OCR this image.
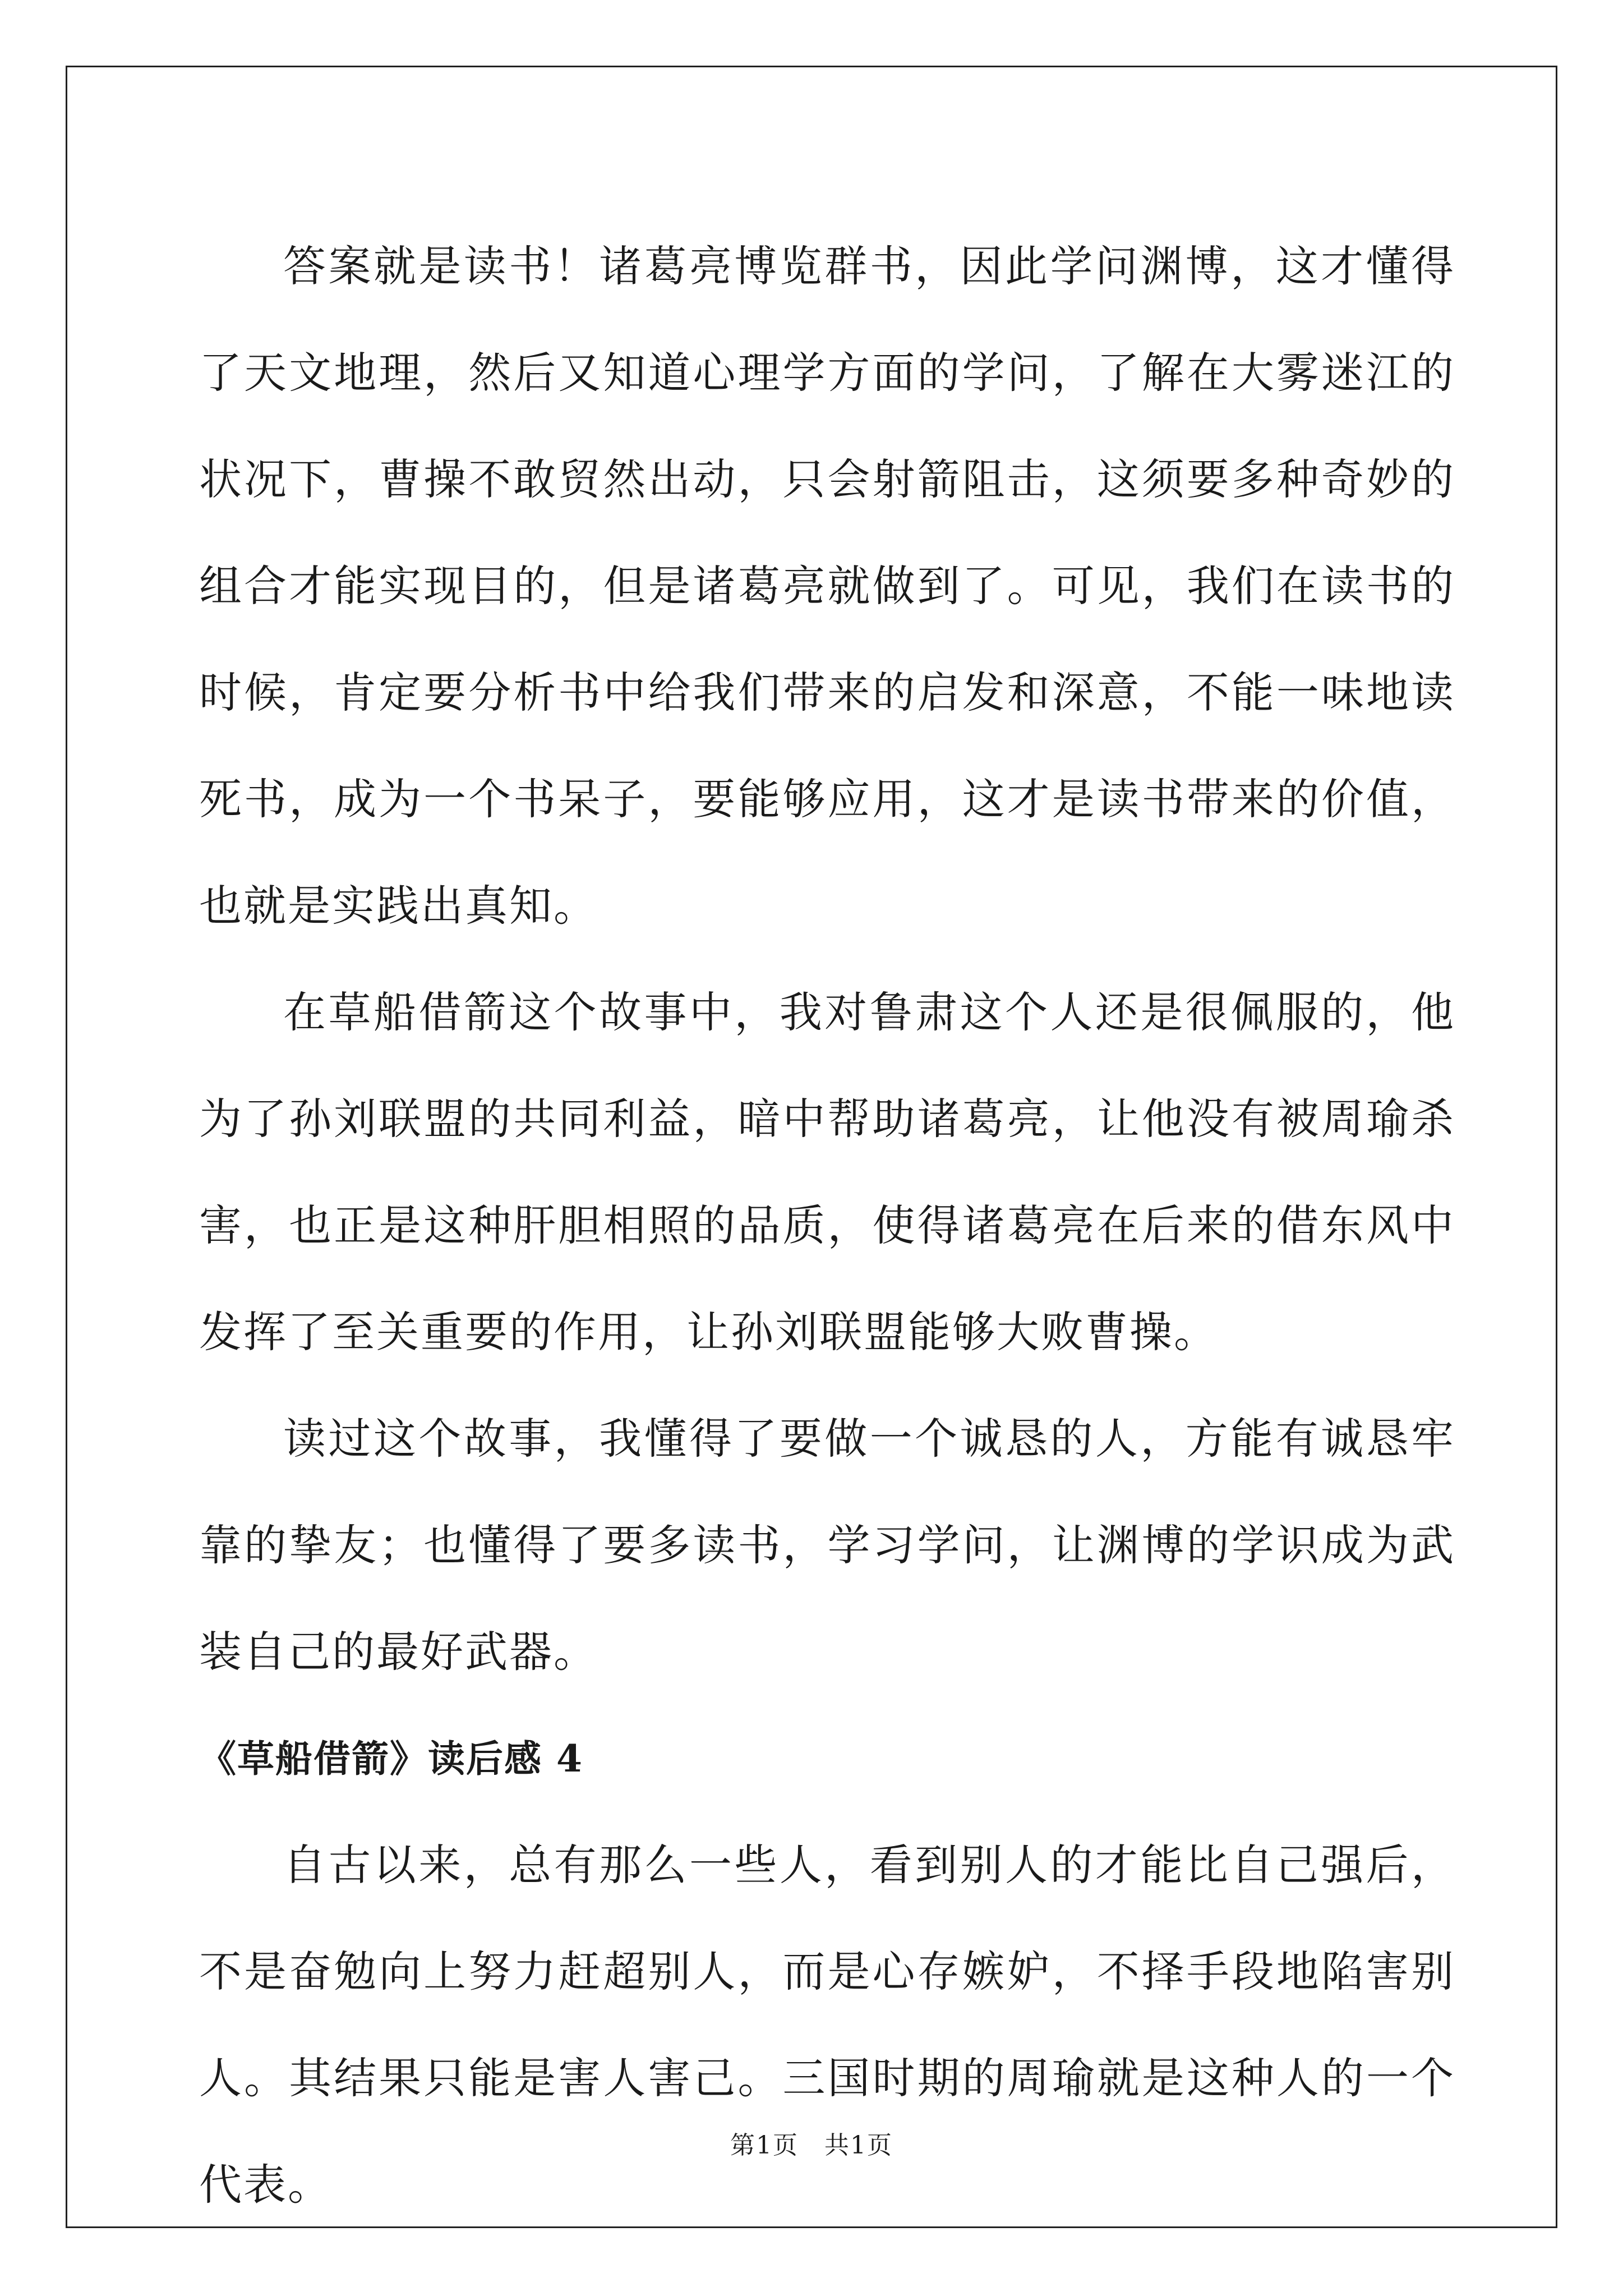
答案就是读书！诸葛亮博览群书，因此学问渊博，这才懂得了天文地理，然后又知道心理学方面的学问，了解在大雾迷江的状况下，曹操不敢贸然出动，只会射箭阻击，这须要多种奇妙的组合才能实现目的，但是诸葛亮就做到了。可见，我们在读书的时候，肯定要分析书中给我们带来的启发和深意，不能一味地读死书，成为一个书呆子，要能够应用，这才是读书带来的价值，也就是实践出真知。

在草船借箭这个故事中，我对鲁肃这个人还是很佩服的，他为了孙刘联盟的共同利益，暗中帮助诸葛亮，让他没有被周瑜杀害，也正是这种肝胆相照的品质，使得诸葛亮在后来的借东风中发挥了至关重要的作用，让孙刘联盟能够大败曹操。

读过这个故事，我懂得了要做一个诚恳的人，方能有诚恳牢靠的挚友；也懂得了要多读书，学习学问，让渊博的学识成为武装自己的最好武器。

《草船借箭》读后感 4

自古以来，总有那么一些人，看到别人的才能比自己强后，不是奋勉向上努力赶超别人，而是心存嫉妒，不择手段地陷害别人。其结果只能是害人害己。三国时期的周瑜就是这种人的一个代表。

第1页　共1页
